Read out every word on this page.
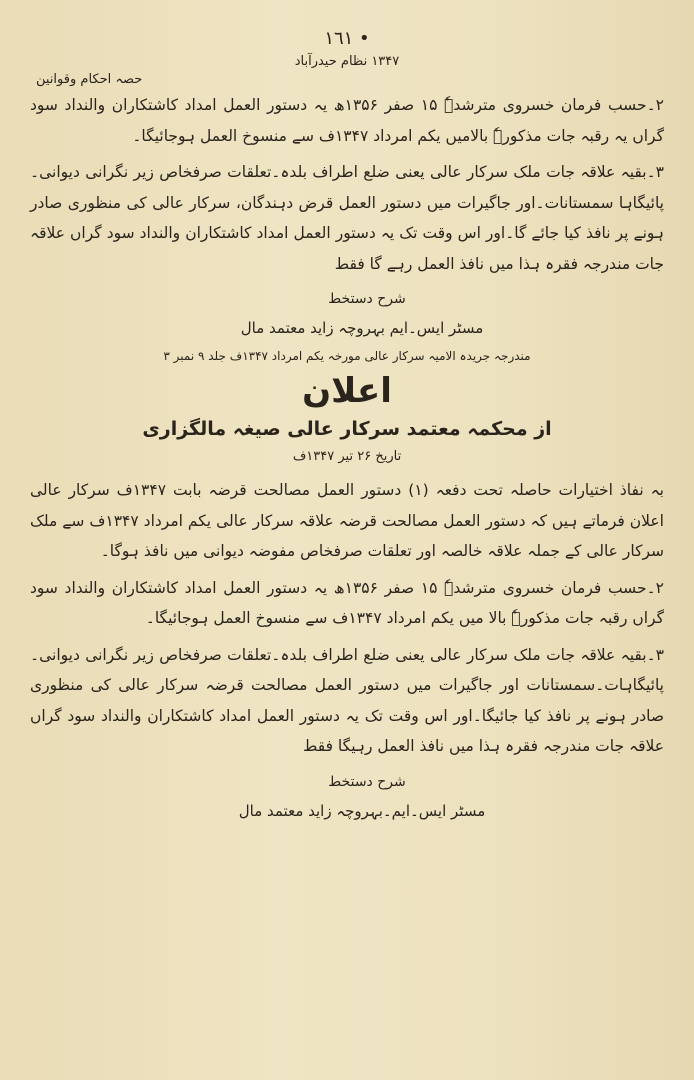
١٦١ •
۱۳۴۷ نظام حیدرآباد
حصہ احکام وقوانین

۲۔حسب فرمان خسروی مترشدہٗ ۱۵ صفر ۱۳۵۶ھ یہ دستور العمل امداد کاشتکاران والنداد سود گراں یہ رقبہ جات مذکورہٗ بالامیں یکم امرداد ۱۳۴۷ف سے منسوخ العمل ہوجائیگا۔

۳۔بقیہ علاقہ جات ملک سرکار عالی یعنی ضلع اطراف بلدہ۔تعلقات صرفخاص زیر نگرانی دیوانی۔پائیگاہا سمستانات۔اور جاگیرات میں دستور العمل قرض دہندگان، سرکار عالی کی منظوری صادر ہونے پر نافذ کیا جائے گا۔اور اس وقت تک یہ دستور العمل امداد کاشتکاران والنداد سود گراں علاقہ جات مندرجہ فقرہ ہذا میں نافذ العمل رہے گا فقط

شرح دستخط
مسٹر ایس۔ایم بہروچہ زاید معتمد مال
مندرجہ جریدہ الامیہ سرکار عالی مورخہ یکم امرداد ۱۳۴۷ف جلد ۹ نمبر ۳
اعلان
از محکمہ معتمد سرکار عالی صیغہ مالگزاری
تاریخ ۲۶ تیر ۱۳۴۷ف

بہ نفاذ اختیارات حاصلہ تحت دفعہ (۱) دستور العمل مصالحت قرضہ بابت ۱۳۴۷ف سرکار عالی اعلان فرماتے ہیں کہ دستور العمل مصالحت قرضہ علاقہ سرکار عالی یکم امرداد ۱۳۴۷ف سے ملک سرکار عالی کے جملہ علاقہ خالصہ اور تعلقات صرفخاص مفوضہ دیوانی میں نافذ ہوگا۔

۲۔حسب فرمان خسروی مترشدہٗ ۱۵ صفر ۱۳۵۶ھ یہ دستور العمل امداد کاشتکاران والنداد سود گراں رقبہ جات مذکورہٗ بالا میں یکم امرداد ۱۳۴۷ف سے منسوخ العمل ہوجائیگا۔

۳۔بقیہ علاقہ جات ملک سرکار عالی یعنی ضلع اطراف بلدہ۔تعلقات صرفخاص زیر نگرانی دیوانی۔پائیگاہات۔سمستانات اور جاگیرات میں دستور العمل مصالحت قرضہ سرکار عالی کی منظوری صادر ہونے پر نافذ کیا جائیگا۔اور اس وقت تک یہ دستور العمل امداد کاشتکاران والنداد سود گراں علاقہ جات مندرجہ فقرہ ہذا میں نافذ العمل رہیگا فقط

شرح دستخط
مسٹر ایس۔ایم۔بہروچہ زاید معتمد مال
